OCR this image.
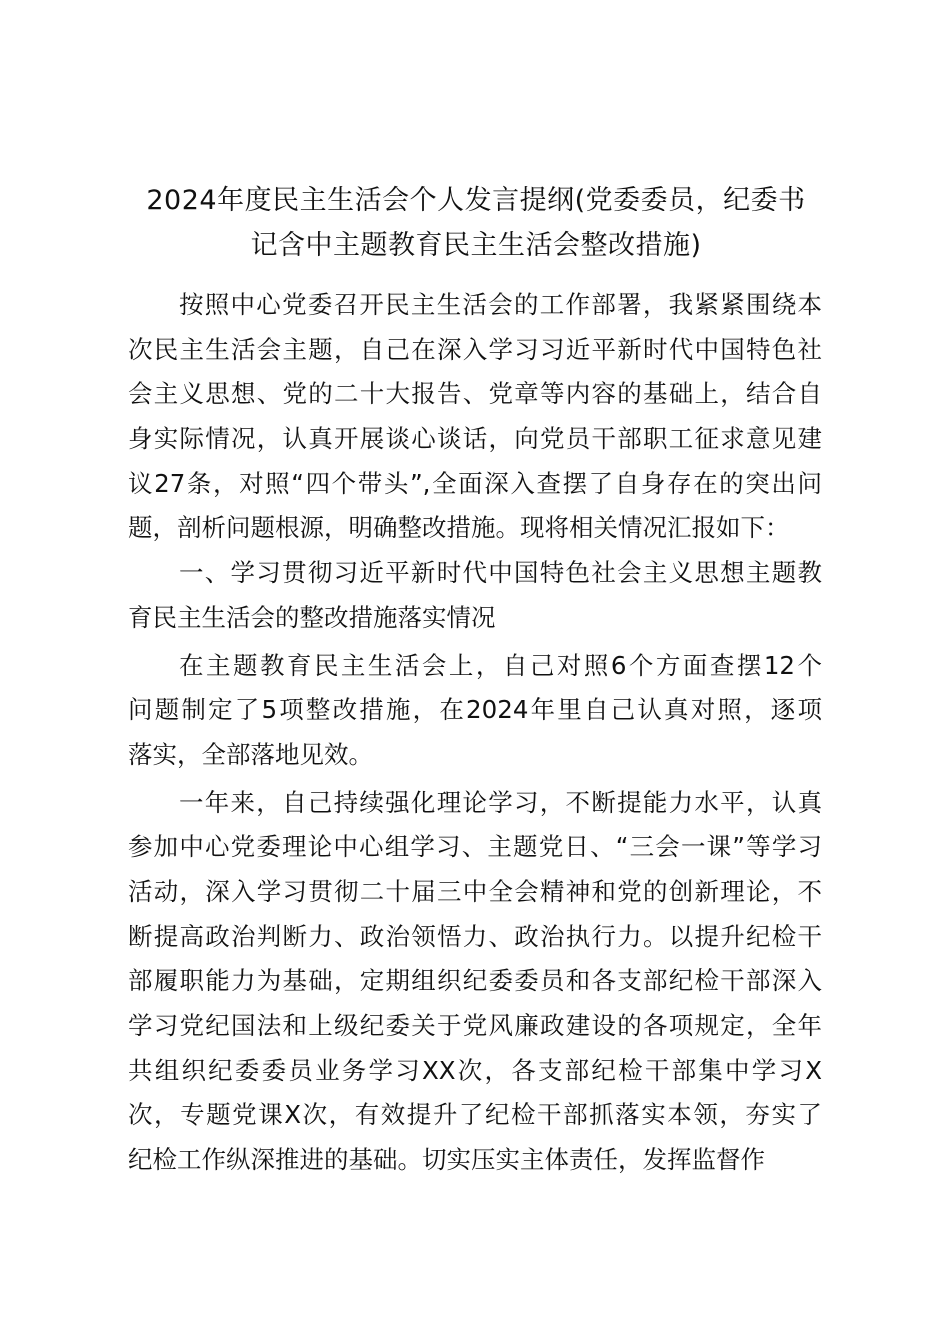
2024年度民主生活会个人发言提纲(党委委员，纪委书
记含中主题教育民主生活会整改措施)
按照中心党委召开民主生活会的工作部署，我紧紧围绕本
次民主生活会主题，自己在深入学习习近平新时代中国特色社
会主义思想、党的二十大报告、党章等内容的基础上，结合自
身实际情况，认真开展谈心谈话，向党员干部职工征求意见建
议27条，对照“四个带头”,全面深入查摆了自身存在的突出问
题，剖析问题根源，明确整改措施。现将相关情况汇报如下：
一、学习贯彻习近平新时代中国特色社会主义思想主题教
育民主生活会的整改措施落实情况
在主题教育民主生活会上，自己对照6个方面查摆12个
问题制定了5项整改措施，在2024年里自己认真对照，逐项
落实，全部落地见效。
一年来，自己持续强化理论学习，不断提能力水平，认真
参加中心党委理论中心组学习、主题党日、“三会一课”等学习
活动，深入学习贯彻二十届三中全会精神和党的创新理论，不
断提高政治判断力、政治领悟力、政治执行力。以提升纪检干
部履职能力为基础，定期组织纪委委员和各支部纪检干部深入
学习党纪国法和上级纪委关于党风廉政建设的各项规定，全年
共组织纪委委员业务学习XX次，各支部纪检干部集中学习X
次，专题党课X次，有效提升了纪检干部抓落实本领，夯实了
纪检工作纵深推进的基础。切实压实主体责任，发挥监督作
